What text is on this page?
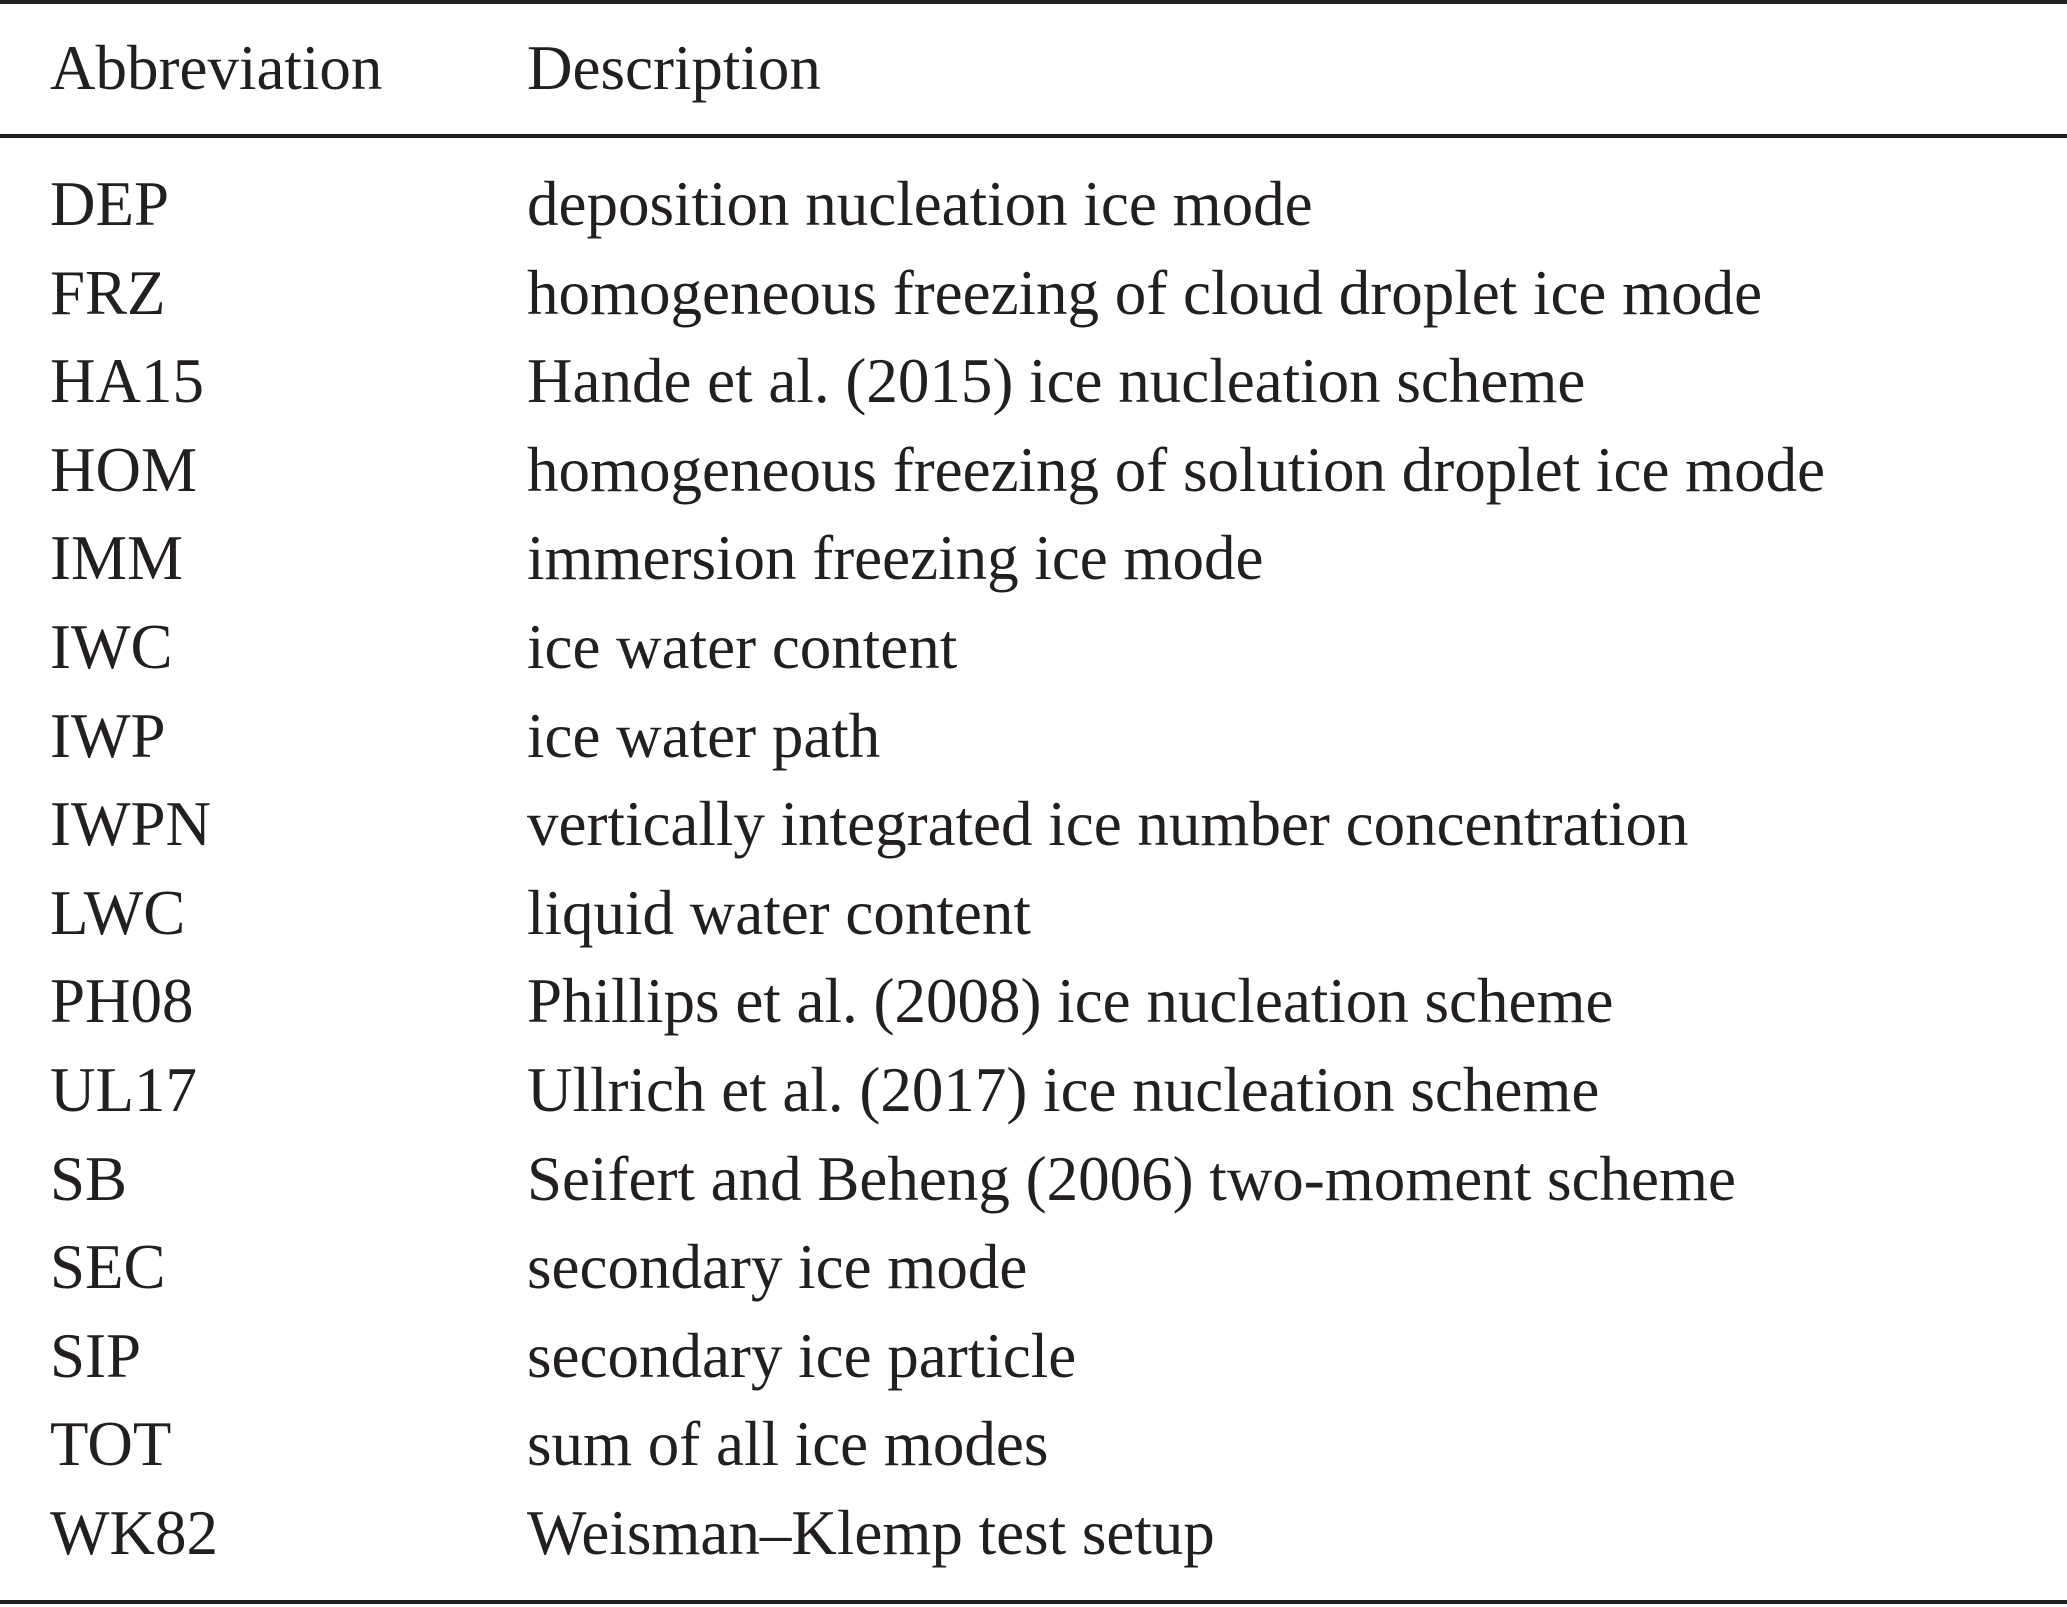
Abbreviation Description
DEP	deposition nucleation ice mode
FRZ	homogeneous freezing of cloud droplet ice mode
HA15	Hande et al. (2015) ice nucleation scheme
HOM	homogeneous freezing of solution droplet ice mode
IMM	immersion freezing ice mode
IWC	ice water content
IWP	ice water path
IWPN	vertically integrated ice number concentration
LWC	liquid water content
PH08	Phillips et al. (2008) ice nucleation scheme
UL17	Ullrich et al. (2017) ice nucleation scheme
SB	Seifert and Beheng (2006) two-moment scheme
SEC	secondary ice mode
SIP	secondary ice particle
TOT	sum of all ice modes
WK82	Weisman–Klemp test setup
